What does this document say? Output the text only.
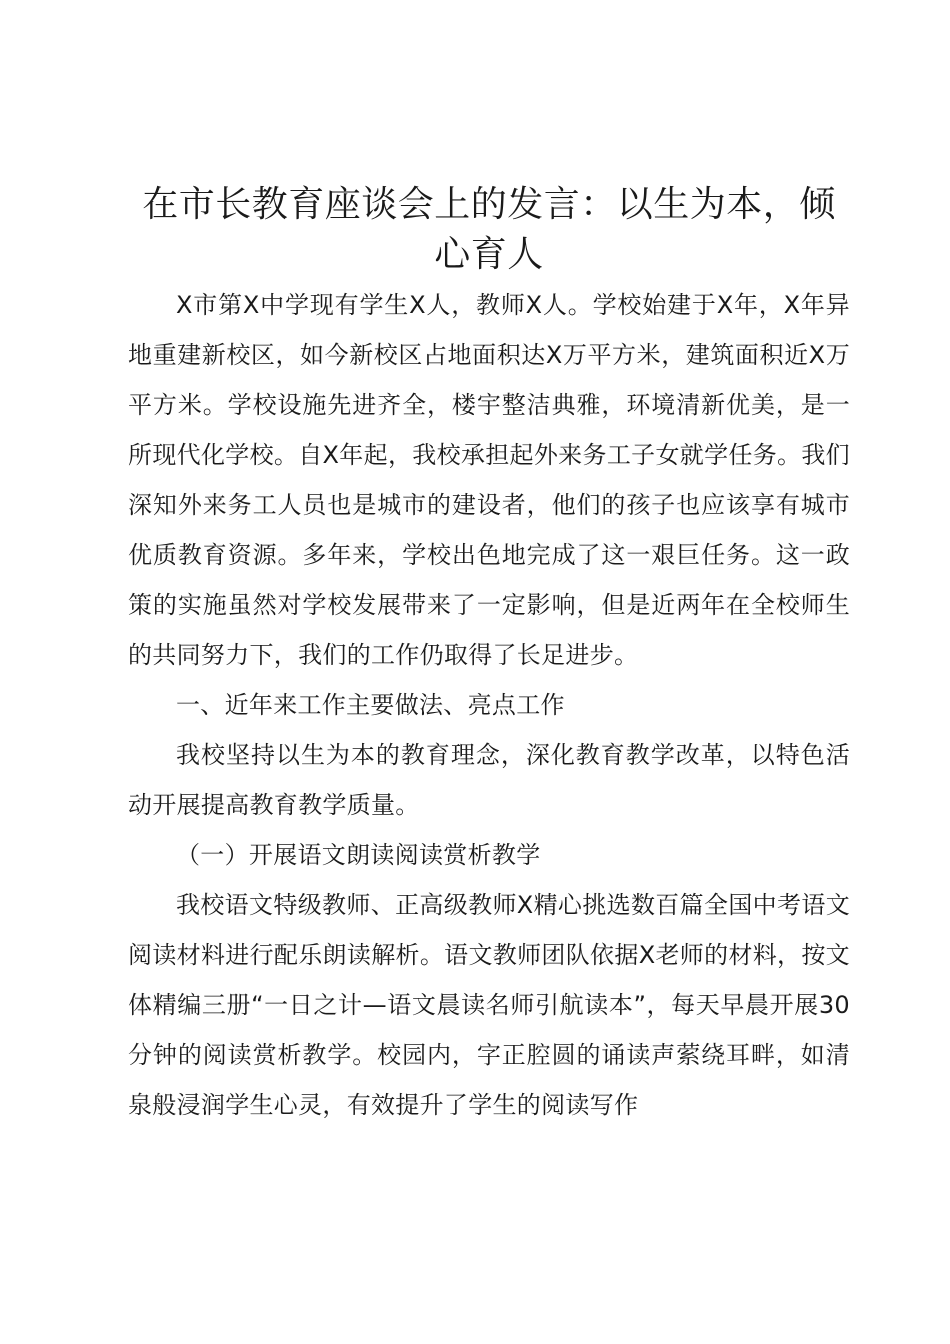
在市长教育座谈会上的发言：以生为本，倾心育人

X市第X中学现有学生X人，教师X人。学校始建于X年，X年异地重建新校区，如今新校区占地面积达X万平方米，建筑面积近X万平方米。学校设施先进齐全，楼宇整洁典雅，环境清新优美，是一所现代化学校。自X年起，我校承担起外来务工子女就学任务。我们深知外来务工人员也是城市的建设者，他们的孩子也应该享有城市优质教育资源。多年来，学校出色地完成了这一艰巨任务。这一政策的实施虽然对学校发展带来了一定影响，但是近两年在全校师生的共同努力下，我们的工作仍取得了长足进步。

一、近年来工作主要做法、亮点工作

我校坚持以生为本的教育理念，深化教育教学改革，以特色活动开展提高教育教学质量。

（一）开展语文朗读阅读赏析教学

我校语文特级教师、正高级教师X精心挑选数百篇全国中考语文阅读材料进行配乐朗读解析。语文教师团队依据X老师的材料，按文体精编三册“一日之计—语文晨读名师引航读本”，每天早晨开展30分钟的阅读赏析教学。校园内，字正腔圆的诵读声萦绕耳畔，如清泉般浸润学生心灵，有效提升了学生的阅读写作
